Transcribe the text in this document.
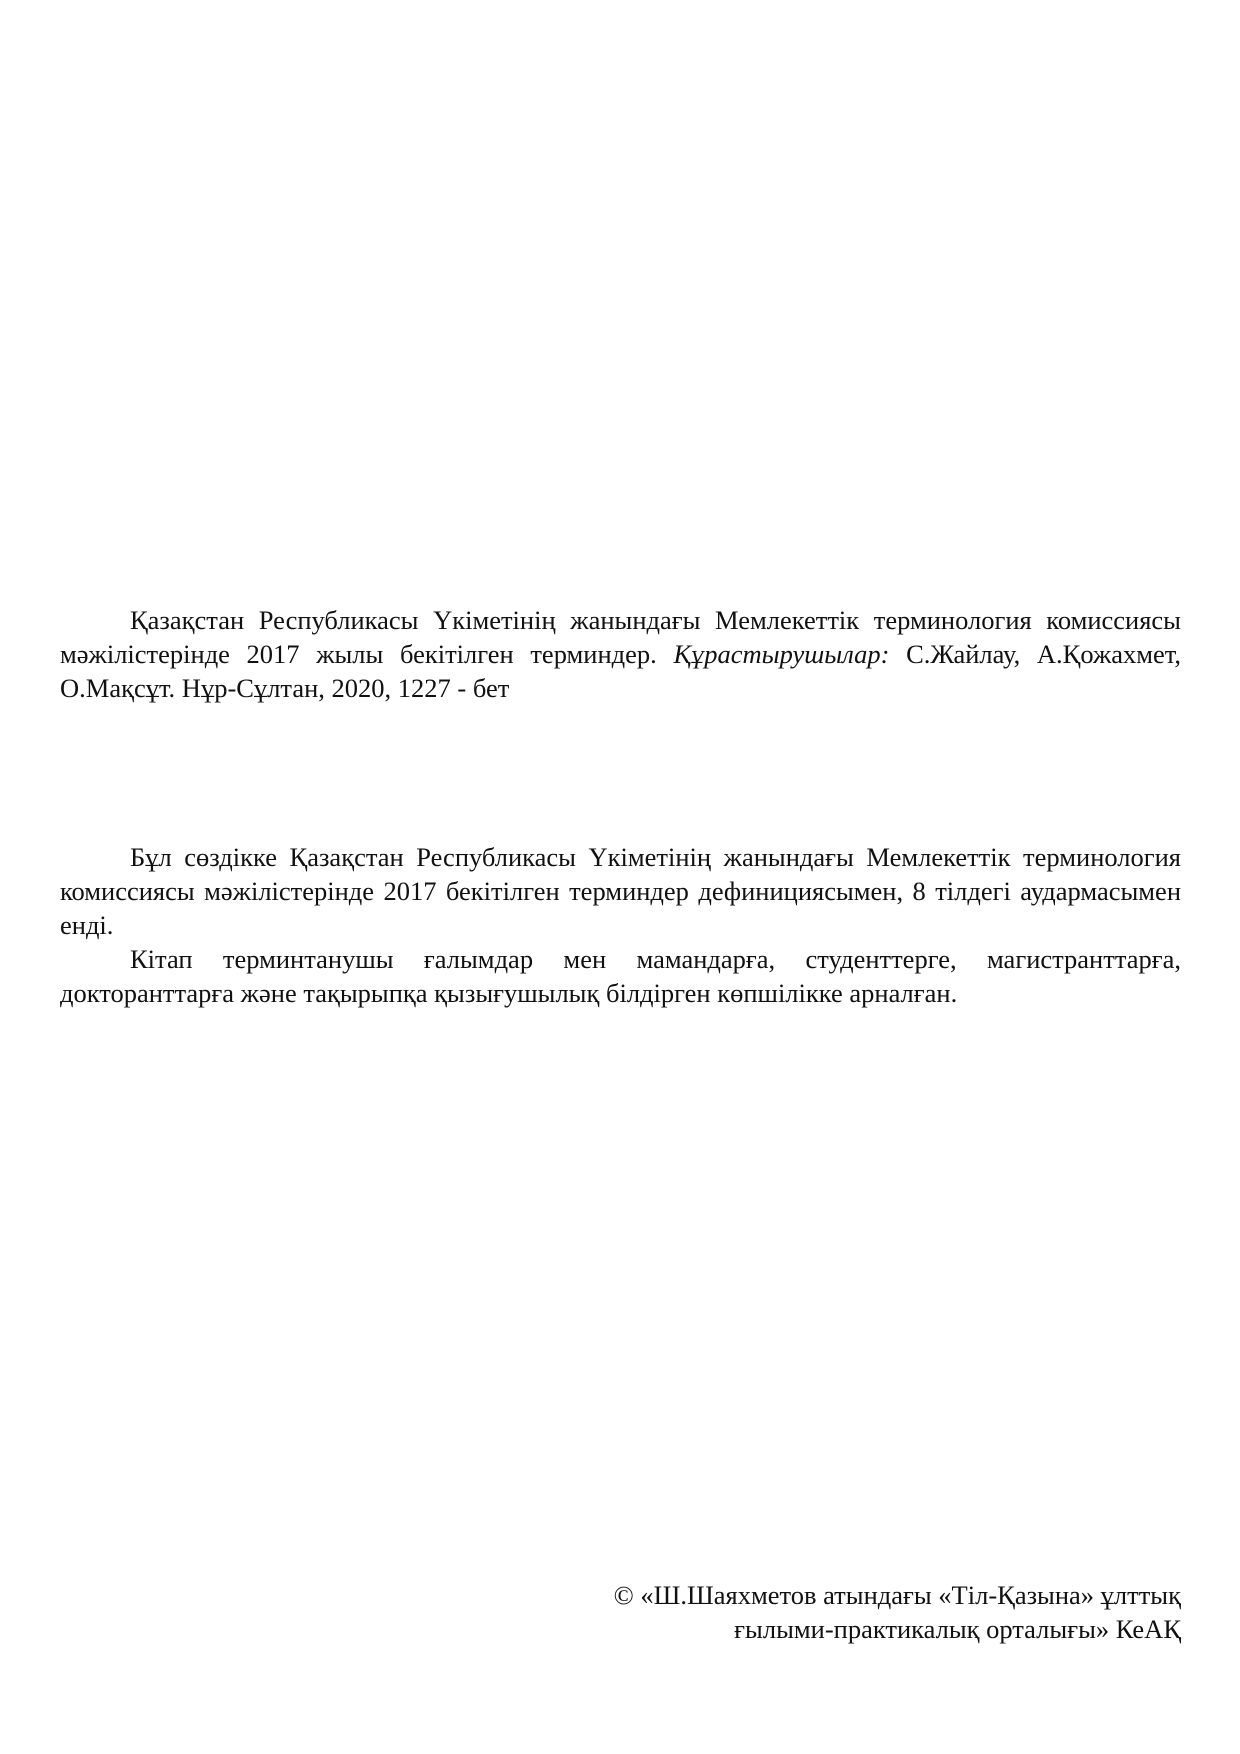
Қазақстан Республикасы Үкіметінің жанындағы Мемлекеттік терминология комиссиясы мәжілістерінде 2017 жылы бекітілген терминдер. Құрастырушылар: С.Жайлау, А.Қожахмет, О.Мақсұт. Нұр-Сұлтан, 2020, 1227 - бет

Бұл сөздікке Қазақстан Республикасы Үкіметінің жанындағы Мемлекеттік терминология комиссиясы мәжілістерінде 2017 бекітілген терминдер дефинициясымен, 8 тілдегі аудармасымен енді.

Кітап терминтанушы ғалымдар мен мамандарға, студенттерге, магистранттарға, докторанттарға және тақырыпқа қызығушылық білдірген көпшілікке арналған.

© «Ш.Шаяхметов атындағы «Тіл-Қазына» ұлттық
ғылыми-практикалық орталығы» КеАҚ
